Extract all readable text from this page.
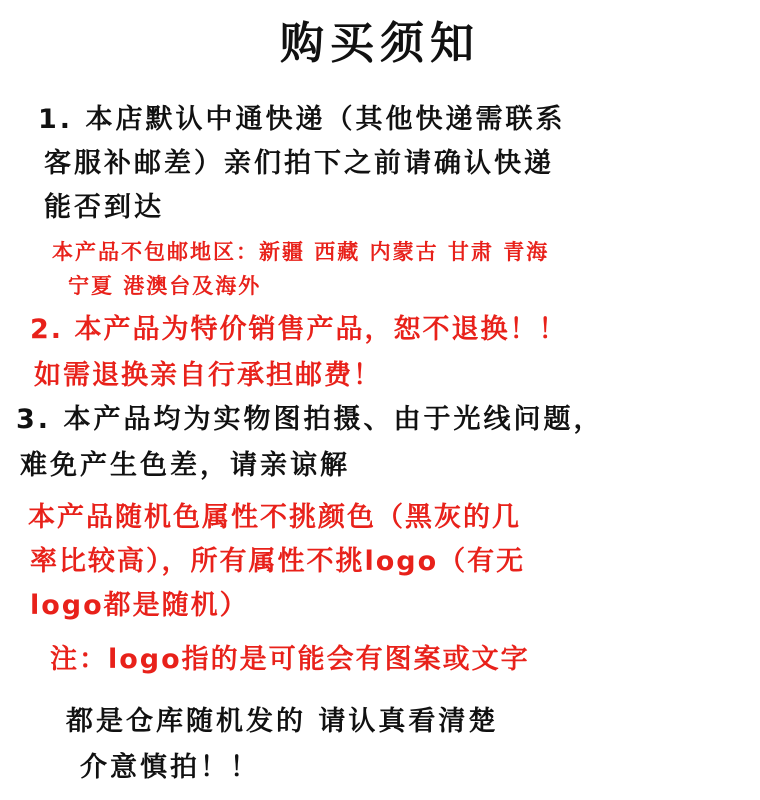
购买须知
1. 本店默认中通快递（其他快递需联系
客服补邮差）亲们拍下之前请确认快递
能否到达
本产品不包邮地区：新疆 西藏 内蒙古 甘肃 青海
宁夏 港澳台及海外
2. 本产品为特价销售产品，恕不退换！！
如需退换亲自行承担邮费！
3. 本产品均为实物图拍摄、由于光线问题，
难免产生色差，请亲谅解
本产品随机色属性不挑颜色（黑灰的几
率比较高），所有属性不挑logo（有无
logo都是随机）
注：logo指的是可能会有图案或文字
都是仓库随机发的 请认真看清楚
介意慎拍！！
